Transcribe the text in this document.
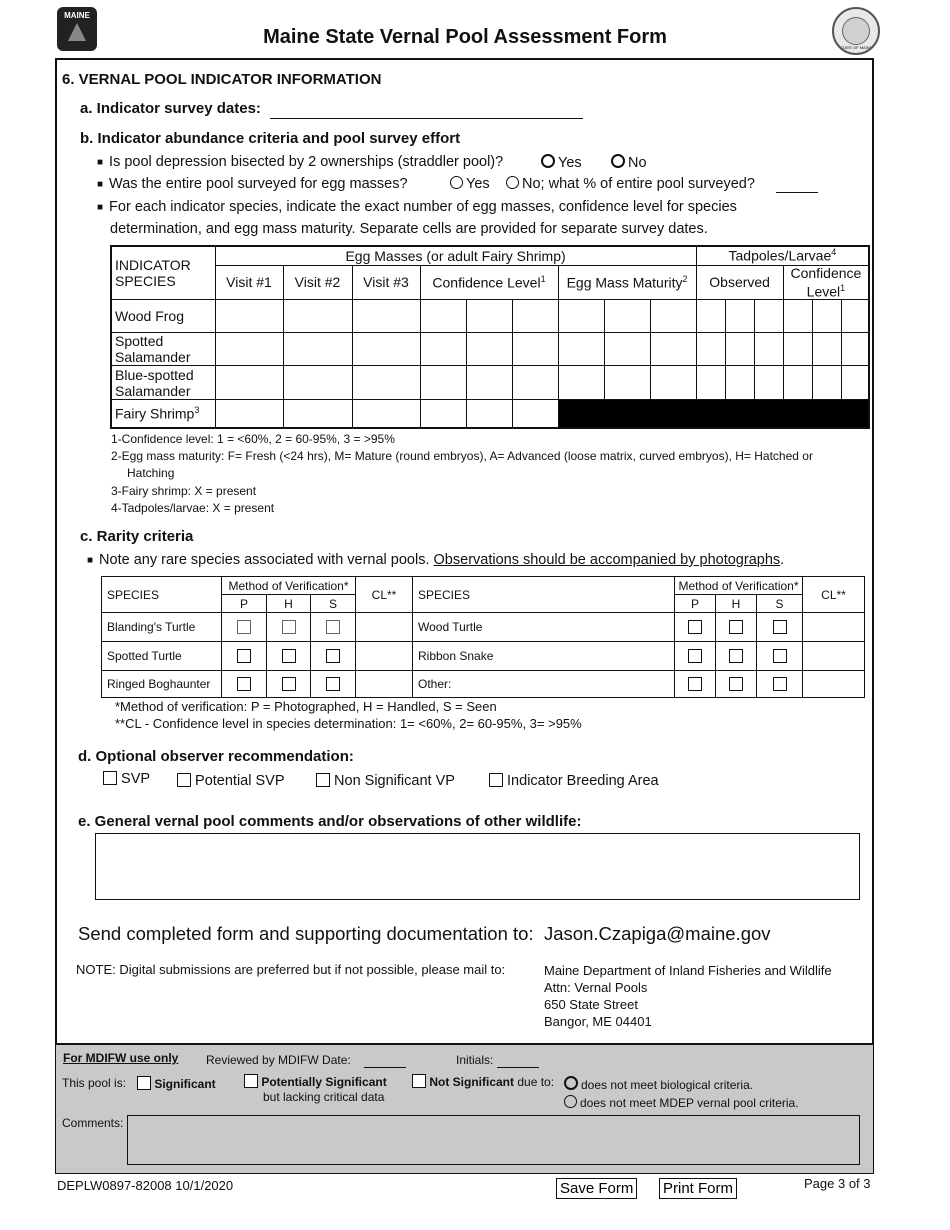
MAINE
Maine State Vernal Pool Assessment Form	STATE OF MAINE
6. VERNAL POOL INDICATOR INFORMATION
a. Indicator survey dates:
b. Indicator abundance criteria and pool survey effort
■ Is pool depression bisected by 2 ownerships (straddler pool)?	Yes	No
■ Was the entire pool surveyed for egg masses?	Yes	No; what % of entire pool surveyed?
■ For each indicator species, indicate the exact number of egg masses, confidence level for species
determination, and egg mass maturity. Separate cells are provided for separate survey dates.
INDICATOR SPECIES	Egg Masses (or adult Fairy Shrimp)									Tadpoles/Larvae$^4$
	Visit #1	Visit #2	Visit #3	Confidence Level$^1$			Egg Mass Maturity$^2$			Observed			Confidence Level$^1$
Wood Frog															
Spotted Salamander															
Blue-spotted Salamander															
Fairy Shrimp$^3$							
1-Confidence level: 1 = <60%, 2 = 60-95%, 3 = >95%
2-Egg mass maturity: F= Fresh (<24 hrs), M= Mature (round embryos), A= Advanced (loose matrix, curved embryos), H= Hatched or
Hatching
3-Fairy shrimp: X = present
4-Tadpoles/larvae: X = present
c. Rarity criteria
■ Note any rare species associated with vernal pools. Observations should be accompanied by photographs.
SPECIES	Method of Verification*			CL**	SPECIES	Method of Verification*			CL**
	P	H	S			P	H	S	
Blanding's Turtle					Wood Turtle				
Spotted Turtle					Ribbon Snake				
Ringed Boghaunter					Other:				
*Method of verification: P = Photographed, H = Handled, S = Seen
**CL - Confidence level in species determination: 1= <60%, 2= 60-95%, 3= >95%
d. Optional observer recommendation:
SVP	Potential SVP	Non Significant VP	Indicator Breeding Area
e. General vernal pool comments and/or observations of other wildlife:
Send completed form and supporting documentation to: Jason.Czapiga@maine.gov
NOTE: Digital submissions are preferred but if not possible, please mail to:	Maine Department of Inland Fisheries and Wildlife
Attn: Vernal Pools
650 State Street
Bangor, ME 04401
For MDIFW use only Reviewed by MDIFW Date:	Initials:
This pool is:	Significant	Potentially Significant
but lacking critical data
Not Significant due to:	does not meet biological criteria.
does not meet MDEP vernal pool criteria.
Comments:
DEPLW0897-82008 10/1/2020	Save Form Print Form	Page 3 of 3
